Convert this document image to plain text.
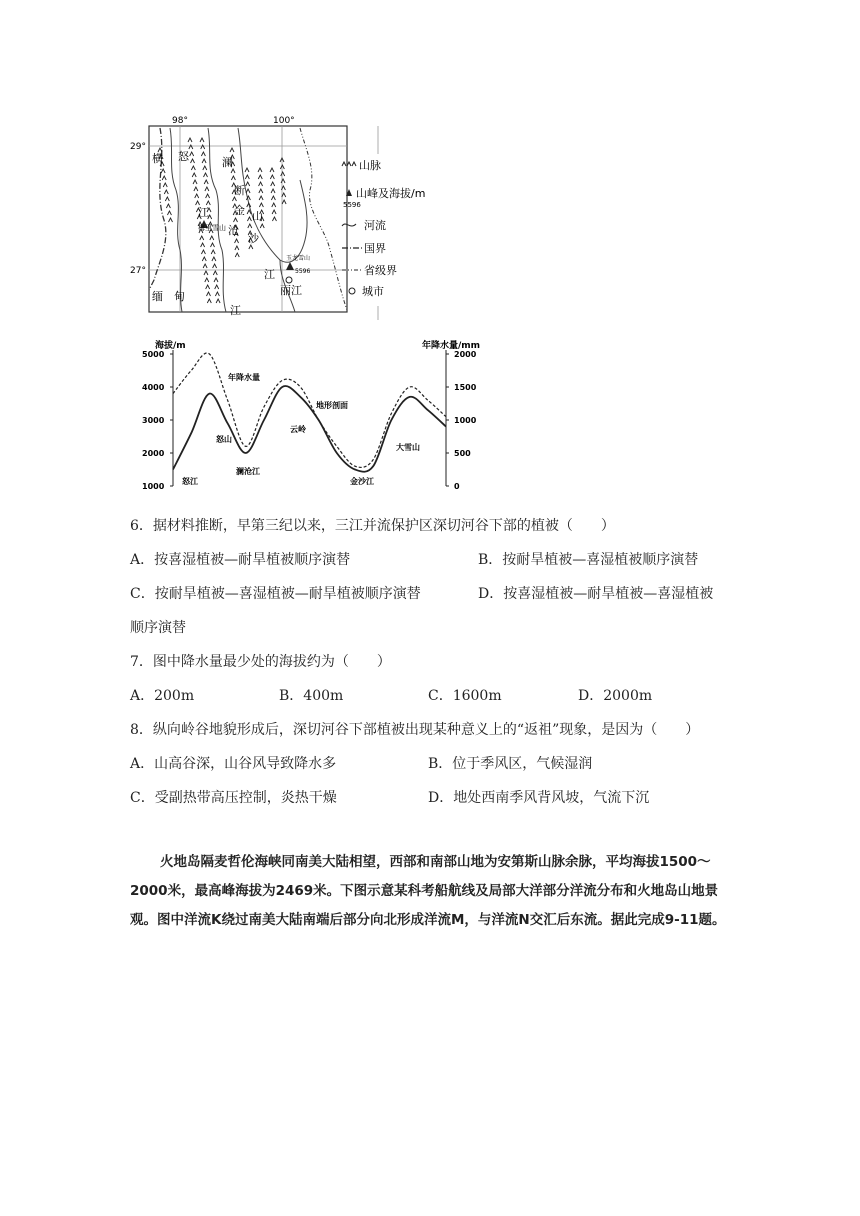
98°	100°
29°
27°
横 怒	澜
断
金
沧
沙
山
江
江
丽江
缅 甸
江
梅里雪山
玉龙雪山
5596
山脉
山峰及海拔/m
5596
河流
国界
省级界
城市
海拔/m	年降水量/mm
5000
4000
3000
2000
1000
2000
1500
1000
500
0
年降水量
地形剖面
怒山
云岭
大雪山
澜沧江
怒江	金沙江
6．据材料推断，早第三纪以来，三江并流保护区深切河谷下部的植被（　　）
A．按喜湿植被—耐旱植被顺序演替	B．按耐旱植被—喜湿植被顺序演替
C．按耐旱植被—喜湿植被—耐旱植被顺序演替	D．按喜湿植被—耐旱植被—喜湿植被
顺序演替
7．图中降水量最少处的海拔约为（　　）
A．200m	B．400m	C．1600m	D．2000m
8．纵向岭谷地貌形成后，深切河谷下部植被出现某种意义上的“返祖”现象，是因为（　　）
A．山高谷深，山谷风导致降水多	B．位于季风区，气候湿润
C．受副热带高压控制，炎热干燥	D．地处西南季风背风坡，气流下沉
火地岛隔麦哲伦海峡同南美大陆相望，西部和南部山地为安第斯山脉余脉，平均海拔1500～2000米，最高峰海拔为2469米。下图示意某科考船航线及局部大洋部分洋流分布和火地岛山地景观。图中洋流K绕过南美大陆南端后部分向北形成洋流M，与洋流N交汇后东流。据此完成9-11题。
